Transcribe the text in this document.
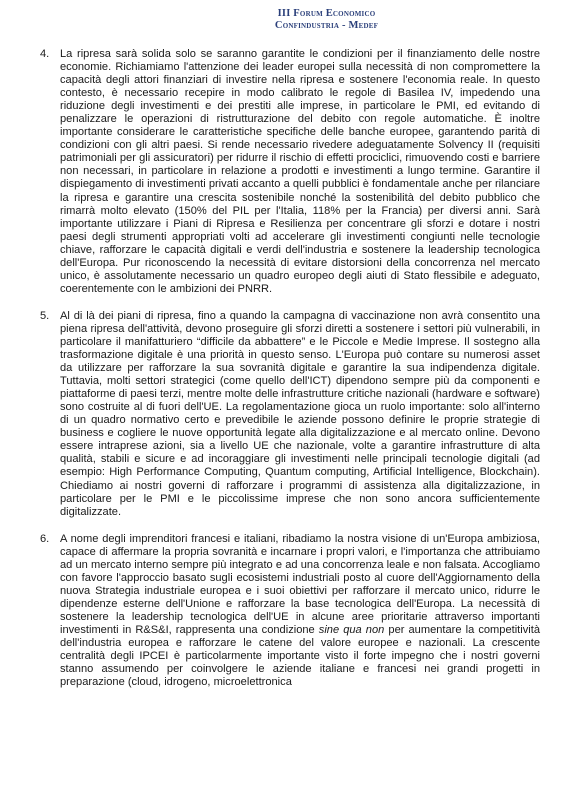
III Forum Economico
Confindustria - Medef
4. La ripresa sarà solida solo se saranno garantite le condizioni per il finanziamento delle nostre economie. Richiamiamo l'attenzione dei leader europei sulla necessità di non compromettere la capacità degli attori finanziari di investire nella ripresa e sostenere l'economia reale. In questo contesto, è necessario recepire in modo calibrato le regole di Basilea IV, impedendo una riduzione degli investimenti e dei prestiti alle imprese, in particolare le PMI, ed evitando di penalizzare le operazioni di ristrutturazione del debito con regole automatiche. È inoltre importante considerare le caratteristiche specifiche delle banche europee, garantendo parità di condizioni con gli altri paesi. Si rende necessario rivedere adeguatamente Solvency II (requisiti patrimoniali per gli assicuratori) per ridurre il rischio di effetti prociclici, rimuovendo costi e barriere non necessari, in particolare in relazione a prodotti e investimenti a lungo termine. Garantire il dispiegamento di investimenti privati accanto a quelli pubblici è fondamentale anche per rilanciare la ripresa e garantire una crescita sostenibile nonché la sostenibilità del debito pubblico che rimarrà molto elevato (150% del PIL per l'Italia, 118% per la Francia) per diversi anni. Sarà importante utilizzare i Piani di Ripresa e Resilienza per concentrare gli sforzi e dotare i nostri paesi degli strumenti appropriati volti ad accelerare gli investimenti congiunti nelle tecnologie chiave, rafforzare le capacità digitali e verdi dell'industria e sostenere la leadership tecnologica dell'Europa. Pur riconoscendo la necessità di evitare distorsioni della concorrenza nel mercato unico, è assolutamente necessario un quadro europeo degli aiuti di Stato flessibile e adeguato, coerentemente con le ambizioni dei PNRR.
5. Al di là dei piani di ripresa, fino a quando la campagna di vaccinazione non avrà consentito una piena ripresa dell'attività, devono proseguire gli sforzi diretti a sostenere i settori più vulnerabili, in particolare il manifatturiero “difficile da abbattere” e le Piccole e Medie Imprese. Il sostegno alla trasformazione digitale è una priorità in questo senso. L'Europa può contare su numerosi asset da utilizzare per rafforzare la sua sovranità digitale e garantire la sua indipendenza digitale. Tuttavia, molti settori strategici (come quello dell'ICT) dipendono sempre più da componenti e piattaforme di paesi terzi, mentre molte delle infrastrutture critiche nazionali (hardware e software) sono costruite al di fuori dell'UE. La regolamentazione gioca un ruolo importante: solo all'interno di un quadro normativo certo e prevedibile le aziende possono definire le proprie strategie di business e cogliere le nuove opportunità legate alla digitalizzazione e al mercato online. Devono essere intraprese azioni, sia a livello UE che nazionale, volte a garantire infrastrutture di alta qualità, stabili e sicure e ad incoraggiare gli investimenti nelle principali tecnologie digitali (ad esempio: High Performance Computing, Quantum computing, Artificial Intelligence, Blockchain). Chiediamo ai nostri governi di rafforzare i programmi di assistenza alla digitalizzazione, in particolare per le PMI e le piccolissime imprese che non sono ancora sufficientemente digitalizzate.
6. A nome degli imprenditori francesi e italiani, ribadiamo la nostra visione di un'Europa ambiziosa, capace di affermare la propria sovranità e incarnare i propri valori, e l'importanza che attribuiamo ad un mercato interno sempre più integrato e ad una concorrenza leale e non falsata. Accogliamo con favore l'approccio basato sugli ecosistemi industriali posto al cuore dell'Aggiornamento della nuova Strategia industriale europea e i suoi obiettivi per rafforzare il mercato unico, ridurre le dipendenze esterne dell'Unione e rafforzare la base tecnologica dell'Europa. La necessità di sostenere la leadership tecnologica dell'UE in alcune aree prioritarie attraverso importanti investimenti in R&S&I, rappresenta una condizione sine qua non per aumentare la competitività dell'industria europea e rafforzare le catene del valore europee e nazionali. La crescente centralità degli IPCEI è particolarmente importante visto il forte impegno che i nostri governi stanno assumendo per coinvolgere le aziende italiane e francesi nei grandi progetti in preparazione (cloud, idrogeno, microelettronica
